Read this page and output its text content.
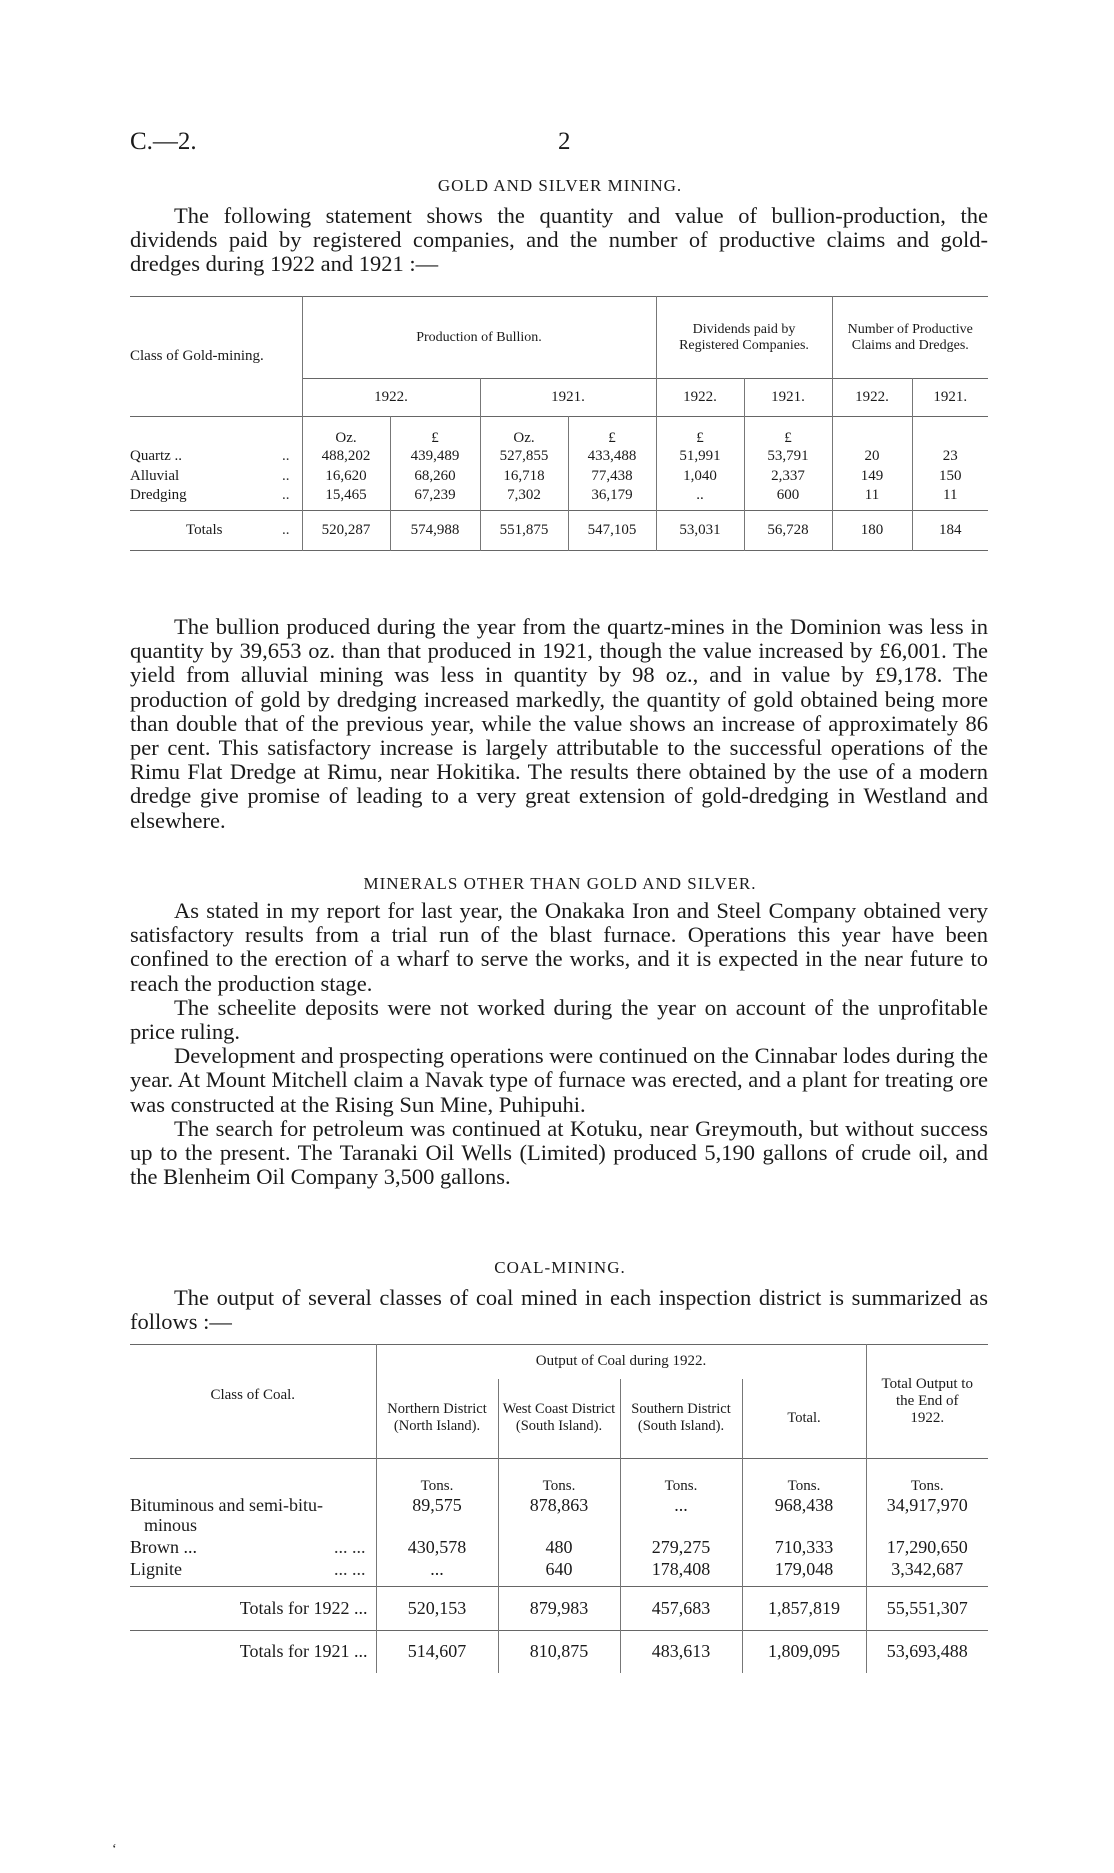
C.—2.	2
GOLD AND SILVER MINING.

The following statement shows the quantity and value of bullion-production, the dividends paid by registered companies, and the number of productive claims and gold-dredges during 1922 and 1921 :—

Class of Gold-mining.	Production of Bullion.				Dividends paid by Registered Companies.		Number of Productive Claims and Dredges.	
	1922.		1921.		1922.	1921.	1922.	1921.
	Oz.	£	Oz.	£	£	£		
Quartz .. ..	488,202	439,489	527,855	433,488	51,991	53,791	20	23
Alluvial ..	16,620	68,260	16,718	77,438	1,040	2,337	149	150
Dredging ..	15,465	67,239	7,302	36,179	..	600	11	11
Totals ..	520,287	574,988	551,875	547,105	53,031	56,728	180	184

The bullion produced during the year from the quartz-mines in the Dominion was less in quantity by 39,653 oz. than that produced in 1921, though the value increased by £6,001. The yield from alluvial mining was less in quantity by 98 oz., and in value by £9,178. The production of gold by dredging increased markedly, the quantity of gold obtained being more than double that of the previous year, while the value shows an increase of approximately 86 per cent. This satisfactory increase is largely attributable to the successful operations of the Rimu Flat Dredge at Rimu, near Hokitika. The results there obtained by the use of a modern dredge give promise of leading to a very great extension of gold-dredging in Westland and elsewhere.

MINERALS OTHER THAN GOLD AND SILVER.

As stated in my report for last year, the Onakaka Iron and Steel Company obtained very satisfactory results from a trial run of the blast furnace. Operations this year have been confined to the erection of a wharf to serve the works, and it is expected in the near future to reach the production stage.

The scheelite deposits were not worked during the year on account of the unprofitable price ruling.

Development and prospecting operations were continued on the Cinnabar lodes during the year. At Mount Mitchell claim a Navak type of furnace was erected, and a plant for treating ore was constructed at the Rising Sun Mine, Puhipuhi.

The search for petroleum was continued at Kotuku, near Greymouth, but without success up to the present. The Taranaki Oil Wells (Limited) produced 5,190 gallons of crude oil, and the Blenheim Oil Company 3,500 gallons.

COAL-MINING.

The output of several classes of coal mined in each inspection district is summarized as follows :—

Class of Coal.	Output of Coal during 1922.				Total Output to the End of 1922.
	Northern District (North Island).	West Coast District (South Island).	Southern District (South Island).	Total.	
	Tons.	Tons.	Tons.	Tons.	Tons.
Bituminous and semi-bitu-
minous	89,575	878,863	...	968,438	34,917,970
Brown ... ... ...	430,578	480	279,275	710,333	17,290,650
Lignite ... ...	...	640	178,408	179,048	3,342,687
Totals for 1922 ...	520,153	879,983	457,683	1,857,819	55,551,307
Totals for 1921 ...	514,607	810,875	483,613	1,809,095	53,693,488
‘
